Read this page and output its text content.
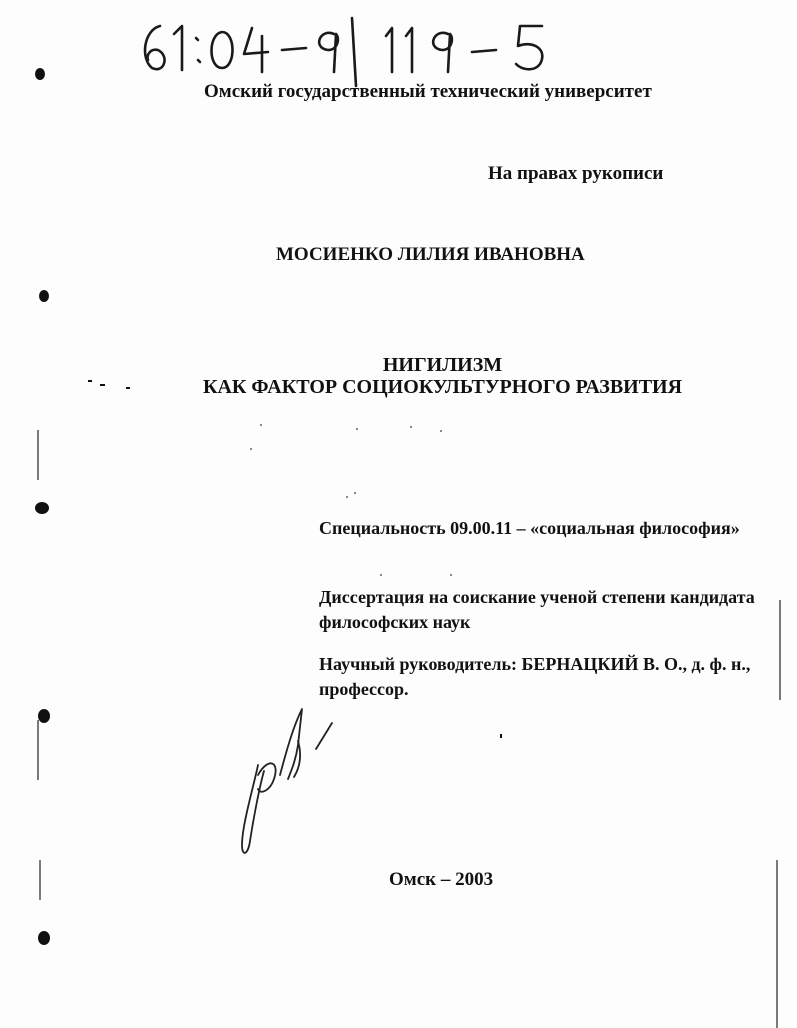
Омский государственный технический университет
На правах рукописи
МОСИЕНКО ЛИЛИЯ ИВАНОВНА
НИГИЛИЗМ
КАК ФАКТОР СОЦИОКУЛЬТУРНОГО РАЗВИТИЯ
Специальность 09.00.11 – «социальная философия»
Диссертация на соискание ученой степени кандидата философских наук
Научный руководитель: БЕРНАЦКИЙ В. О., д. ф. н., профессор.
Омск – 2003
